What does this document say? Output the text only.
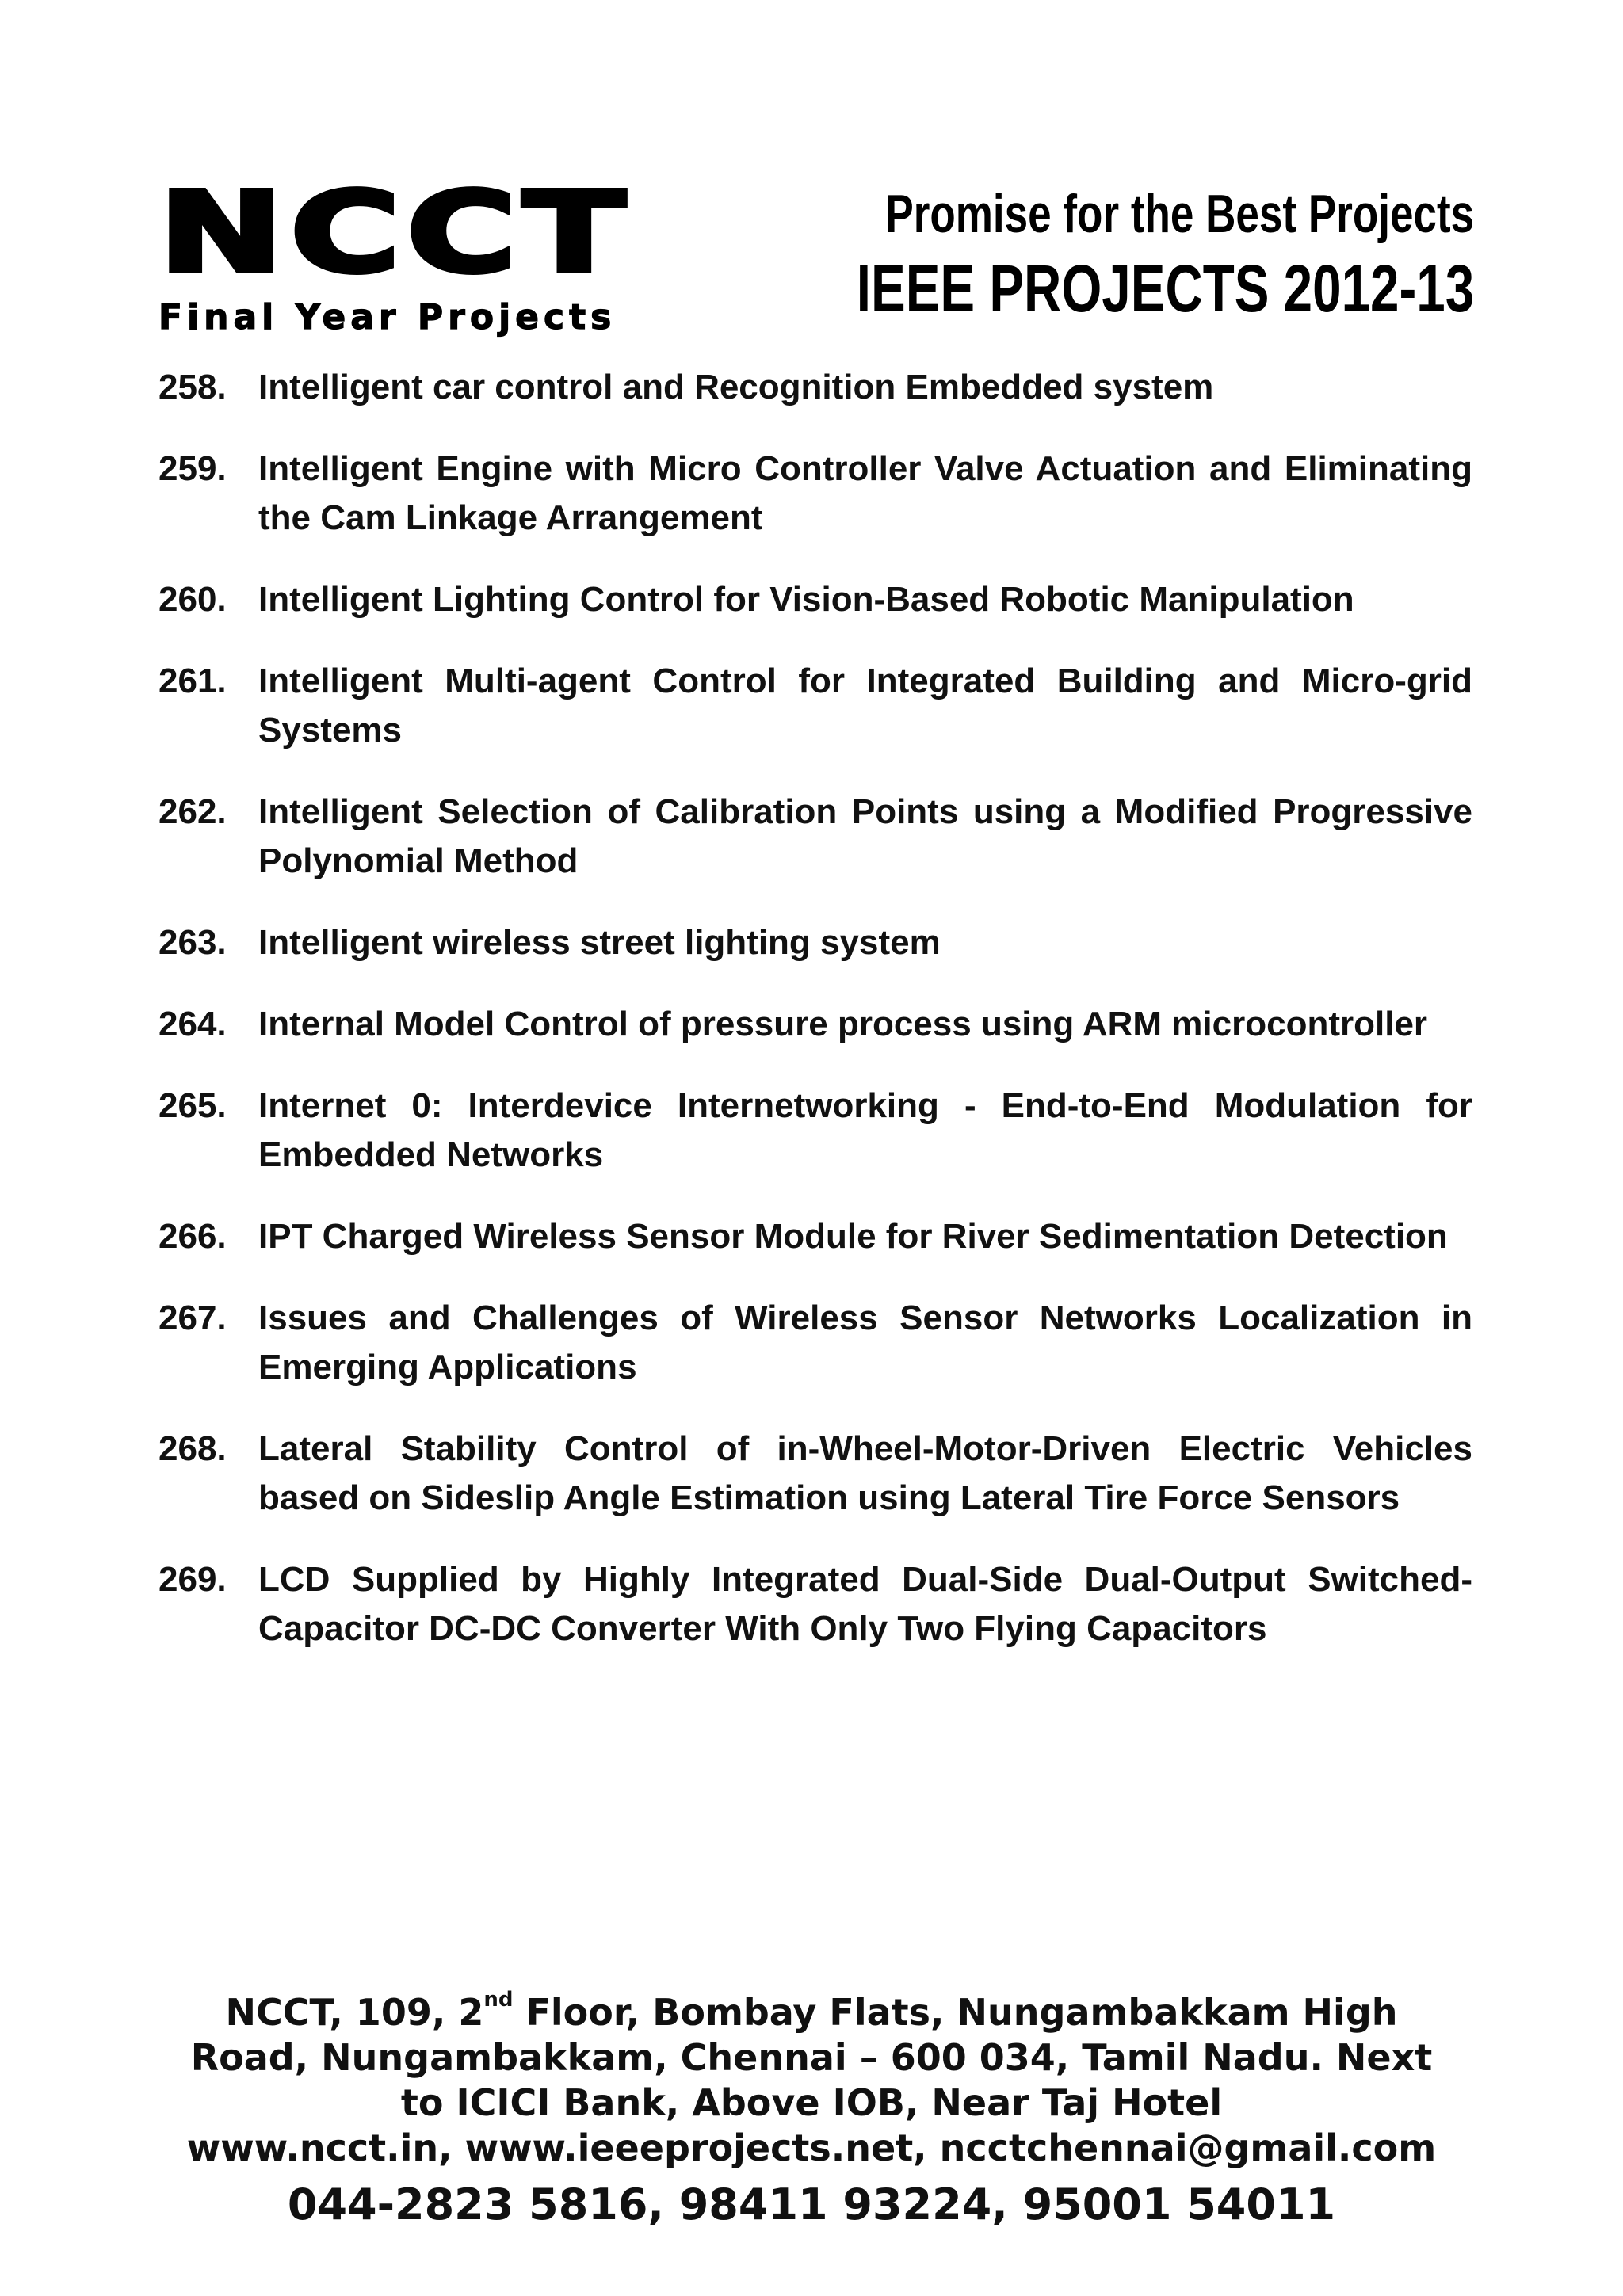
NCCT
Final Year Projects
Promise for the Best Projects
IEEE PROJECTS 2012-13
258. Intelligent car control and Recognition Embedded system
259. Intelligent Engine with Micro Controller Valve Actuation and Eliminating the Cam Linkage Arrangement
260. Intelligent Lighting Control for Vision-Based Robotic Manipulation
261. Intelligent Multi-agent Control for Integrated Building and Micro-grid Systems
262. Intelligent Selection of Calibration Points using a Modified Progressive Polynomial Method
263. Intelligent wireless street lighting system
264. Internal Model Control of pressure process using ARM microcontroller
265. Internet 0: Interdevice Internetworking - End-to-End Modulation for Embedded Networks
266. IPT Charged Wireless Sensor Module for River Sedimentation Detection
267. Issues and Challenges of Wireless Sensor Networks Localization in Emerging Applications
268. Lateral Stability Control of in-Wheel-Motor-Driven Electric Vehicles based on Sideslip Angle Estimation using Lateral Tire Force Sensors
269. LCD Supplied by Highly Integrated Dual-Side Dual-Output Switched-Capacitor DC-DC Converter With Only Two Flying Capacitors
NCCT, 109, 2nd Floor, Bombay Flats, Nungambakkam High
Road, Nungambakkam, Chennai – 600 034, Tamil Nadu. Next
to ICICI Bank, Above IOB, Near Taj Hotel
www.ncct.in, www.ieeeprojects.net, ncctchennai@gmail.com
044-2823 5816, 98411 93224, 95001 54011
